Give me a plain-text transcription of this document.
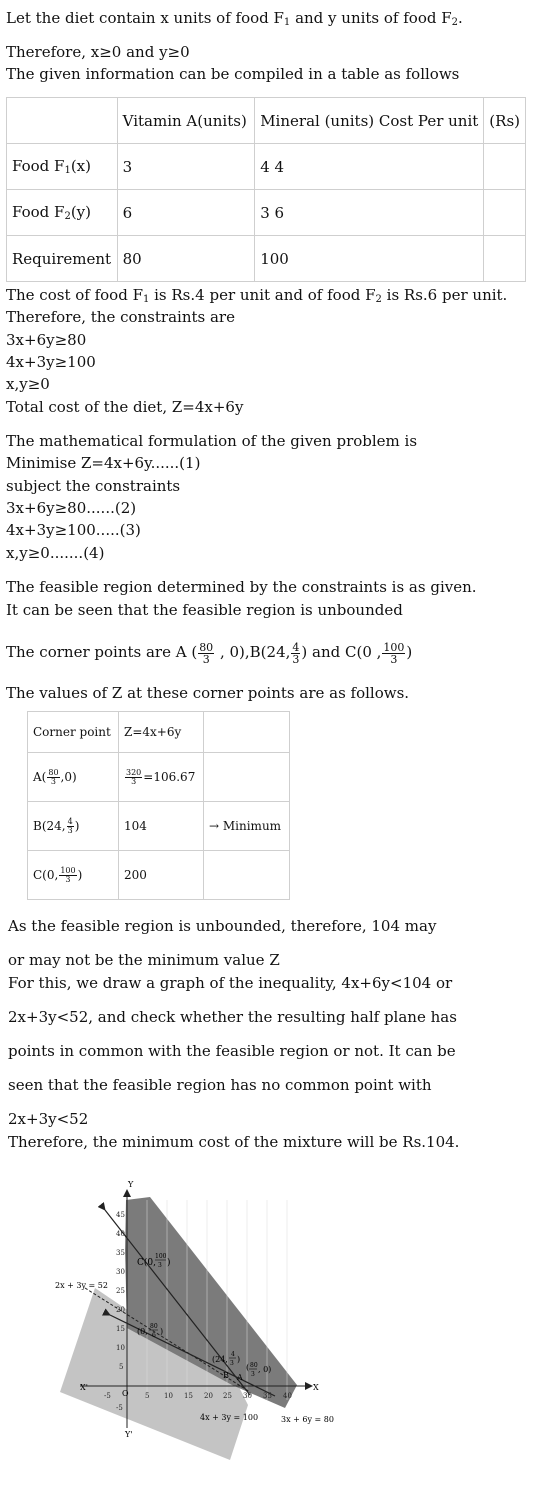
Let the diet contain x units of food $F_1$ and y units of food $F_2$.
Therefore, x≥0 and y≥0
The given information can be compiled in a table as follows
	Vitamin A(units)	Mineral (units) Cost Per unit	(Rs)
Food $F_1(x)$	3	4 4	
Food $F_2(y)$	6	3 6	
Requirement	80	100	
The cost of food $F_1$ is Rs.4 per unit and of food $F_2$ is Rs.6 per unit.
Therefore, the constraints are
3x+6y≥80
4x+3y≥100
x,y≥0
Total cost of the diet, Z=4x+6y
The mathematical formulation of the given problem is
Minimise Z=4x+6y......(1)
subject the constraints
3x+6y≥80......(2)
4x+3y≥100.....(3)
x,y≥0.......(4)
The feasible region determined by the constraints is as given.
It can be seen that the feasible region is unbounded
The corner points are A ( $\frac{80}{3}$ , 0),B(24, $\frac{4}{3}$ ) and C(0 , $\frac{100}{3}$ )
The values of Z at these corner points are as follows.
Corner point	Z=4x+6y	
$A( \frac{80}{3} ,0)$	$\frac{320}{3} =106.67$	
B(24, $\frac{4}{3}$ )	104	→ Minimum
C(0, $\frac{100}{3}$ )	200	
As the feasible region is unbounded, therefore, 104 may
or may not be the minimum value Z
For this, we draw a graph of the inequality, 4x+6y<104 or
2x+3y<52, and check whether the resulting half plane has
points in common with the feasible region or not. It can be
seen that the feasible region has no common point with
2x+3y<52
Therefore, the minimum cost of the mixture will be Rs.104.
Y
Y'
X
X'
O
-5	5 10 15 20 25 30 35 40
45
40
35
30
25
20
15
10
5
-5
2x + 3y = 52
4x + 3y = 100	3x + 6y = 80
C(0,
100
3 )
(0,
80
6 )
(24,
4
3 )
B A
( 80
3
, 0)
